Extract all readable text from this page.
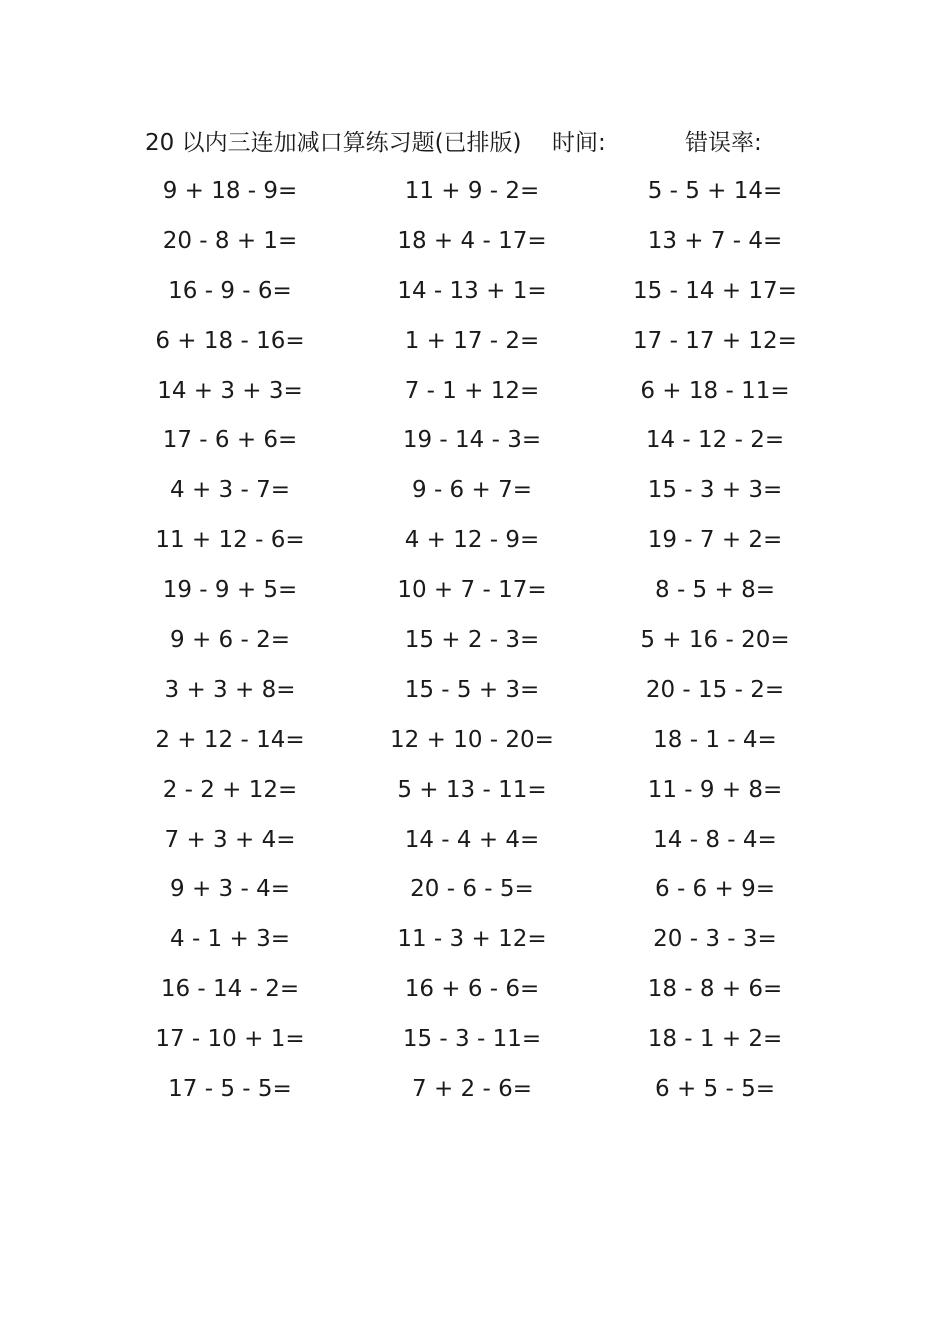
20 以内三连加减口算练习题(已排版) 时间:	错误率:
9 + 18 - 9=	11 + 9 - 2=	5 - 5 + 14=
20 - 8 + 1=	18 + 4 - 17=	13 + 7 - 4=
16 - 9 - 6=	14 - 13 + 1=	15 - 14 + 17=
6 + 18 - 16=	1 + 17 - 2=	17 - 17 + 12=
14 + 3 + 3=	7 - 1 + 12=	6 + 18 - 11=
17 - 6 + 6=	19 - 14 - 3=	14 - 12 - 2=
4 + 3 - 7=	9 - 6 + 7=	15 - 3 + 3=
11 + 12 - 6=	4 + 12 - 9=	19 - 7 + 2=
19 - 9 + 5=	10 + 7 - 17=	8 - 5 + 8=
9 + 6 - 2=	15 + 2 - 3=	5 + 16 - 20=
3 + 3 + 8=	15 - 5 + 3=	20 - 15 - 2=
2 + 12 - 14=	12 + 10 - 20=	18 - 1 - 4=
2 - 2 + 12=	5 + 13 - 11=	11 - 9 + 8=
7 + 3 + 4=	14 - 4 + 4=	14 - 8 - 4=
9 + 3 - 4=	20 - 6 - 5=	6 - 6 + 9=
4 - 1 + 3=	11 - 3 + 12=	20 - 3 - 3=
16 - 14 - 2=	16 + 6 - 6=	18 - 8 + 6=
17 - 10 + 1=	15 - 3 - 11=	18 - 1 + 2=
17 - 5 - 5=	7 + 2 - 6=	6 + 5 - 5=
